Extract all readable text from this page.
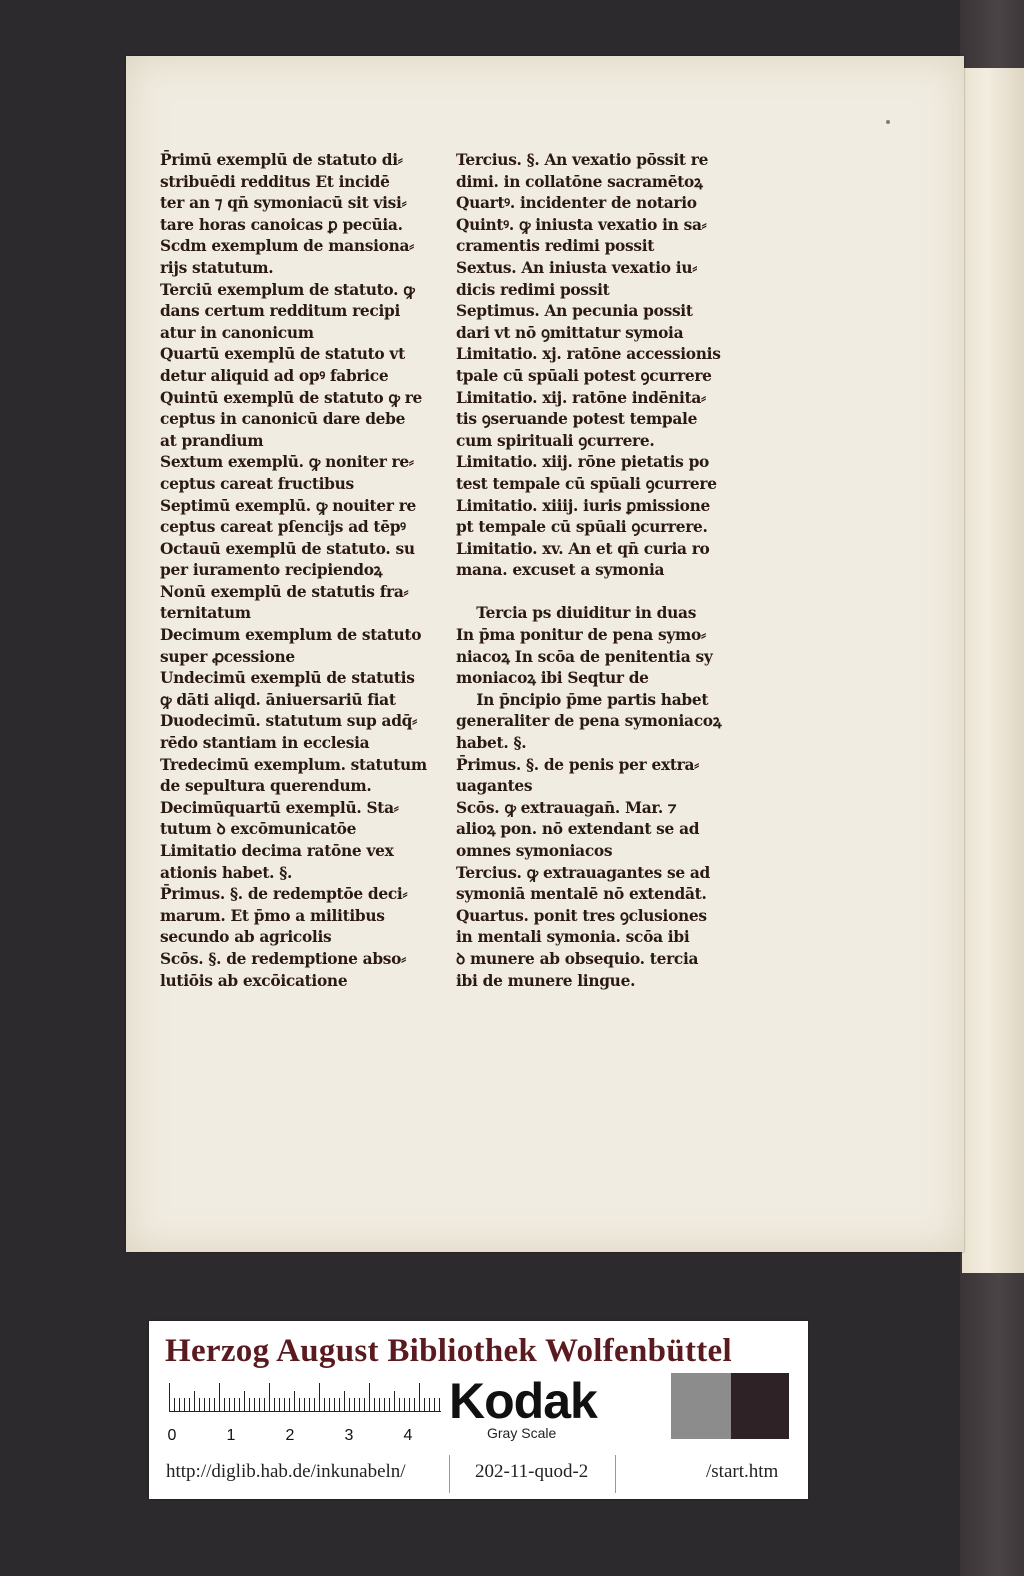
P̄rimū exemplū de statuto di⸗
stribuēdi redditus Et incidē
ter an ⁊ qn̄ symoniacū sit visi⸗
tare horas canoicas ꝑ pecūia.
Scdm exemplum de mansiona⸗
rijs statutum.
Terciū exemplum de statuto. ꝙ
dans certum redditum recipi
atur in canonicum
Quartū exemplū de statuto vt
detur aliquid ad opꝰ fabrice
Quintū exemplū de statuto ꝙ re
ceptus in canonicū dare debe
at prandium
Sextum exemplū. ꝙ noniter re⸗
ceptus careat fructibus
Septimū exemplū. ꝙ nouiter re
ceptus careat pſencijs ad tēpꝰ
Octauū exemplū de statuto. su
per iuramento recipiendoꝝ
Nonū exemplū de statutis fra⸗
ternitatum
Decimum exemplum de statuto
super ꝓcessione
Undecimū exemplū de statutis
ꝙ dāti aliqd. āniuersariū fiat
Duodecimū. statutum sup adq̄⸗
rēdo stantiam in ecclesia
Tredecimū exemplum. statutum
de sepultura querendum.
Decimūquartū exemplū. Sta⸗
tutum ꝺ excōmunicatōe
Limitatio decima ratōne vex
ationis habet. §.
P̄rimus. §. de redemptōe deci⸗
marum. Et p̄mo a militibus
secundo ab agricolis
Scōs. §. de redemptione abso⸗
lutiōis ab excōicatione
Tercius. §. An vexatio pōssit re
dimi. in collatōne sacramētoꝝ
Quartꝰ. incidenter de notario
Quintꝰ. ꝙ iniusta vexatio in sa⸗
cramentis redimi possit
Sextus. An iniusta vexatio iu⸗
dicis redimi possit
Septimus. An pecunia possit
dari vt nō ꝯmittatur symoia
Limitatio. xj. ratōne accessionis
tpale cū spūali potest ꝯcurrere
Limitatio. xij. ratōne indēnita⸗
tis ꝯseruande potest tempale
cum spirituali ꝯcurrere.
Limitatio. xiij. rōne pietatis po
test tempale cū spūali ꝯcurrere
Limitatio. xiiij. iuris ꝑmissione
pt tempale cū spūali ꝯcurrere.
Limitatio. xv. An et qn̄ curia ro
mana. excuset a symonia
Tercia ps diuiditur in duas
In p̄ma ponitur de pena symo⸗
niacoꝝ In scōa de penitentia sy
moniacoꝝ ibi Seqtur de
In p̄ncipio p̄me partis habet
generaliter de pena symoniacoꝝ
habet. §.
P̄rimus. §. de penis per extra⸗
uagantes
Scōs. ꝙ extrauagan̄. Mar. ⁊
alioꝝ pon. nō extendant se ad
omnes symoniacos
Tercius. ꝙ extrauagantes se ad
symoniā mentalē nō extendāt.
Quartus. ponit tres ꝯclusiones
in mentali symonia. scōa ibi
ꝺ munere ab obsequio. tercia
ibi de munere lingue.
Herzog August Bibliothek Wolfenbüttel
0	1	2	3	4
Kodak
Gray Scale
http://diglib.hab.de/inkunabeln/	202-11-quod-2	/start.htm
